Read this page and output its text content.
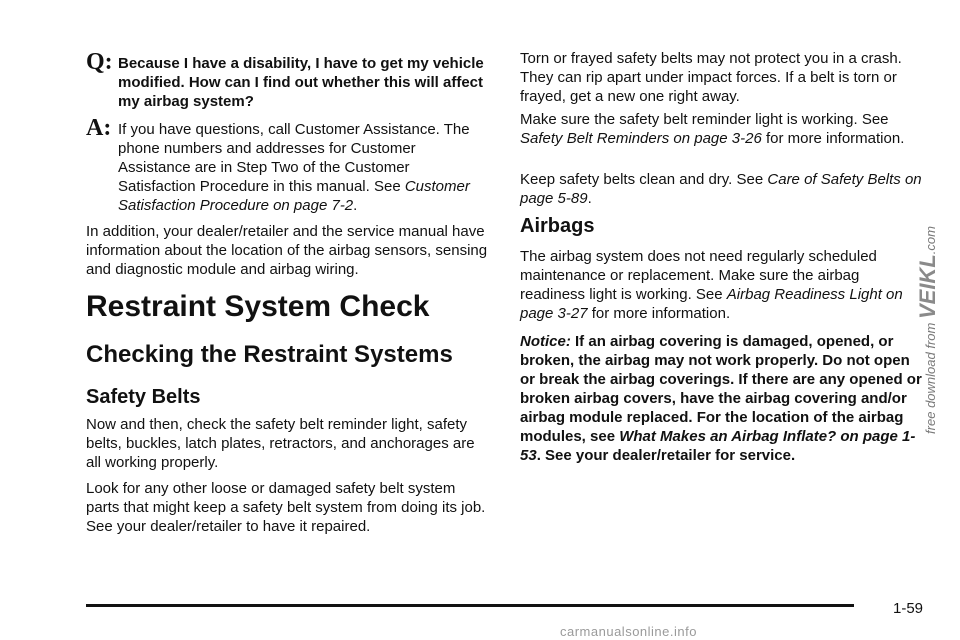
Q: Because I have a disability, I have to get my vehicle modified. How can I find out whether this will affect my airbag system?
A: If you have questions, call Customer Assistance. The phone numbers and addresses for Customer Assistance are in Step Two of the Customer Satisfaction Procedure in this manual. See Customer Satisfaction Procedure on page 7-2.
In addition, your dealer/retailer and the service manual have information about the location of the airbag sensors, sensing and diagnostic module and airbag wiring.
Restraint System Check
Checking the Restraint Systems
Safety Belts
Now and then, check the safety belt reminder light, safety belts, buckles, latch plates, retractors, and anchorages are all working properly.
Look for any other loose or damaged safety belt system parts that might keep a safety belt system from doing its job. See your dealer/retailer to have it repaired.
Torn or frayed safety belts may not protect you in a crash. They can rip apart under impact forces. If a belt is torn or frayed, get a new one right away.
Make sure the safety belt reminder light is working. See Safety Belt Reminders on page 3-26 for more information.
Keep safety belts clean and dry. See Care of Safety Belts on page 5-89.
Airbags
The airbag system does not need regularly scheduled maintenance or replacement. Make sure the airbag readiness light is working. See Airbag Readiness Light on page 3-27 for more information.
Notice: If an airbag covering is damaged, opened, or broken, the airbag may not work properly. Do not open or break the airbag coverings. If there are any opened or broken airbag covers, have the airbag covering and/or airbag module replaced. For the location of the airbag modules, see What Makes an Airbag Inflate? on page 1-53. See your dealer/retailer for service.
1-59
free download from VEIKL.com
carmanualsonline.info
